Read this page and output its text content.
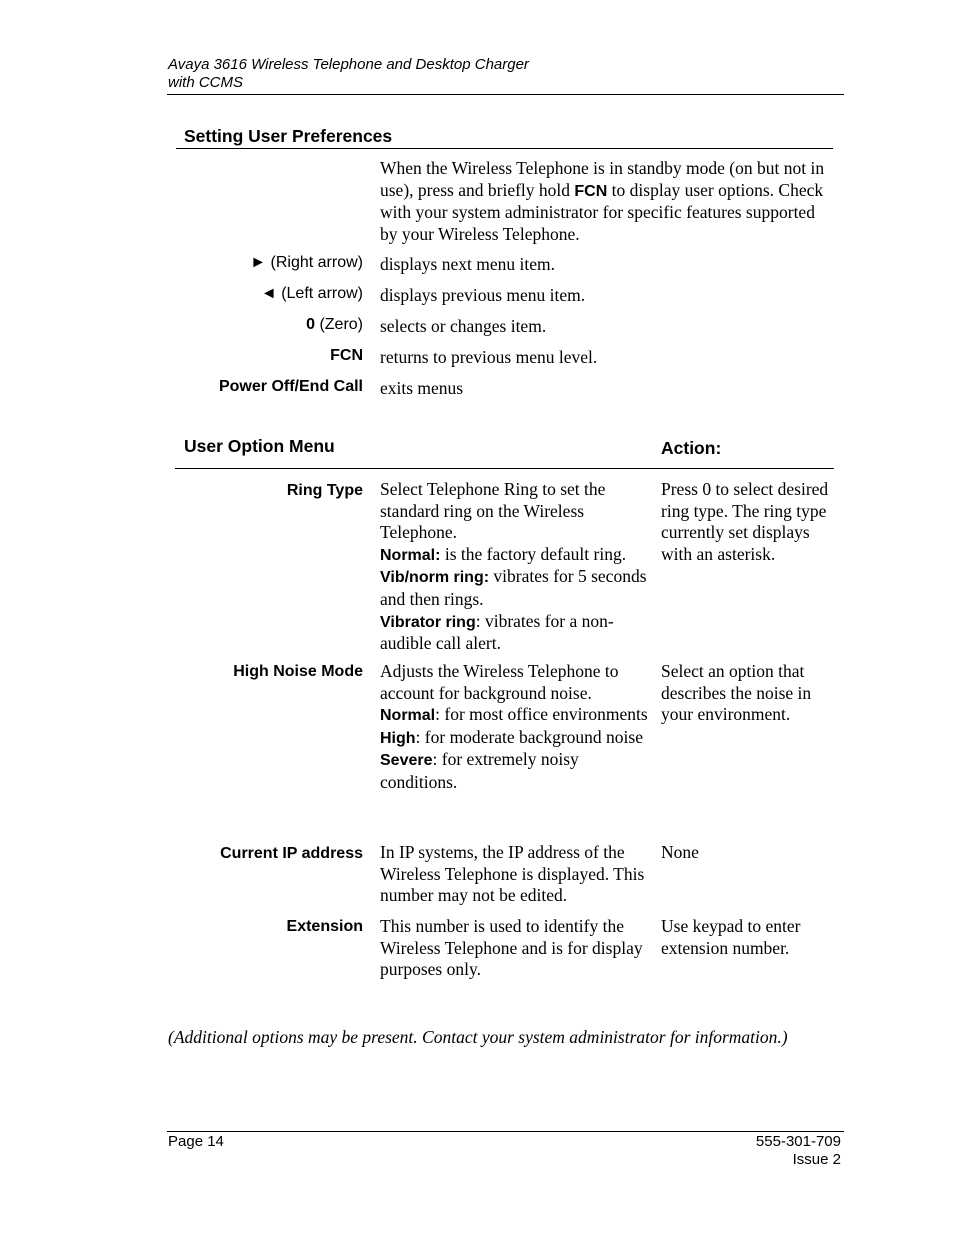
Avaya 3616 Wireless Telephone and Desktop Charger
with CCMS
Setting User Preferences
When the Wireless Telephone is in standby mode (on but not in use), press and briefly hold FCN to display user options. Check with your system administrator for specific features supported by your Wireless Telephone.
► (Right arrow) displays next menu item.
◄ (Left arrow) displays previous menu item.
0 (Zero) selects or changes item.
FCN returns to previous menu level.
Power Off/End Call exits menus
User Option Menu	Action:
Ring Type Select Telephone Ring to set the standard ring on the Wireless Telephone.
Normal: is the factory default ring.
Vib/norm ring: vibrates for 5 seconds and then rings.
Vibrator ring: vibrates for a non-audible call alert.
Press 0 to select desired ring type. The ring type currently set displays with an asterisk.
High Noise Mode Adjusts the Wireless Telephone to account for background noise.
Normal: for most office environments
High: for moderate background noise
Severe: for extremely noisy conditions.
Select an option that describes the noise in your environment.
Current IP address In IP systems, the IP address of the Wireless Telephone is displayed. This number may not be edited.
None
Extension This number is used to identify the Wireless Telephone and is for display purposes only.
Use keypad to enter extension number.
(Additional options may be present. Contact your system administrator for information.)
Page 14	555-301-709
Issue 2
